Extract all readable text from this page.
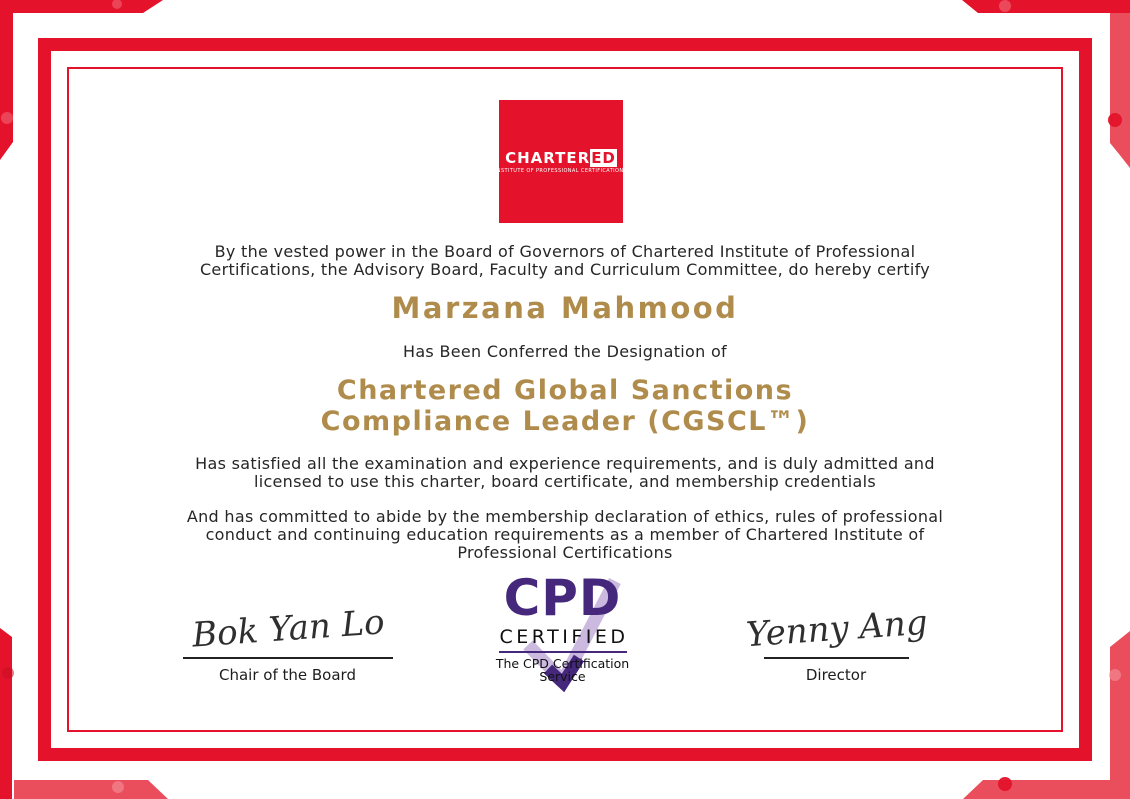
CHARTERED
INSTITUTE OF PROFESSIONAL CERTIFICATIONS
By the vested power in the Board of Governors of Chartered Institute of Professional
Certifications, the Advisory Board, Faculty and Curriculum Committee, do hereby certify
Marzana Mahmood
Has Been Conferred the Designation of
Chartered Global Sanctions
Compliance Leader (CGSCL™)
Has satisfied all the examination and experience requirements, and is duly admitted and
licensed to use this charter, board certificate, and membership credentials
And has committed to abide by the membership declaration of ethics, rules of professional
conduct and continuing education requirements as a member of Chartered Institute of
Professional Certifications
Bok Yan Lo
Chair of the Board
CPD
CERTIFIED
The CPD Certification
Service
Yenny Ang
Director
